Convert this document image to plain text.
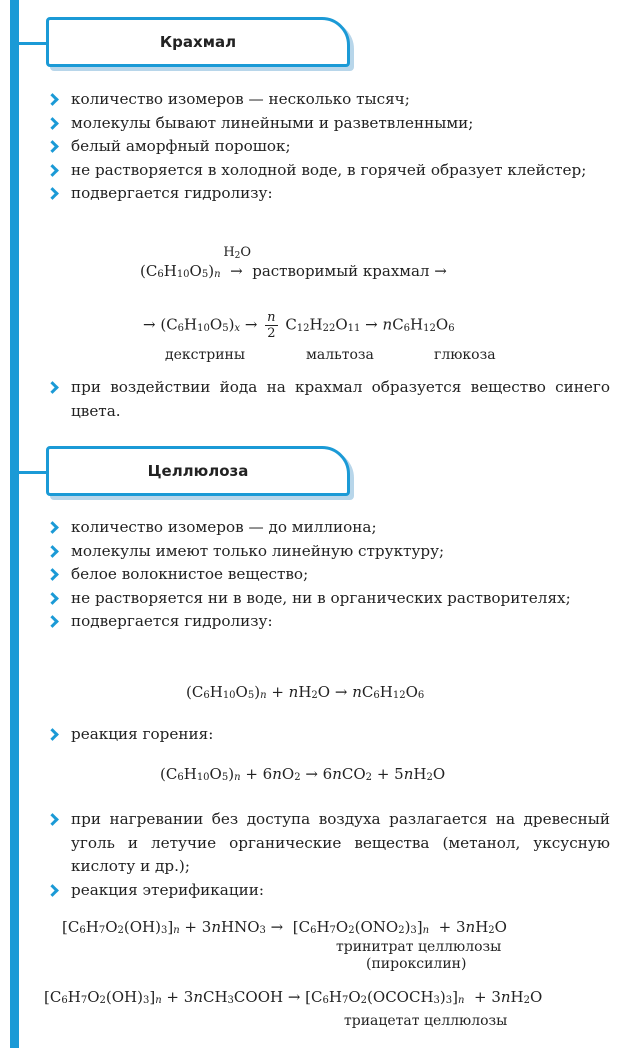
Крахмал
количество изомеров — несколько тысяч;
молекулы бывают линейными и разветвленными;
белый аморфный порошок;
не растворяется в холодной воде, в горячей образует клейстер;
подвергается гидролизу:
$(C_6H_{10}O_5)_n$
$H_2O$
→ растворимый крахмал →
→ $(C_6H_{10}O_5)_x \to \frac{n}{2} C_{12}H_{22}O_{11} \to nC_6H_{12}O_6$
декстрины	мальтоза	глюкоза
при воздействии йода на крахмал образуется вещество синего цвета.
Целлюлоза
количество изомеров — до миллиона;
молекулы имеют только линейную структуру;
белое волокнистое вещество;
не растворяется ни в воде, ни в органических растворителях;
подвергается гидролизу:
$(C_6H_{10}O_5)_n + nH_2O \to nC_6H_{12}O_6$
реакция горения:
$(C_6H_{10}O_5)_n + 6nO_2 \to 6nCO_2 + 5nH_2O$
при нагревании без доступа воздуха разлагается на древесный уголь и летучие органические вещества (метанол, уксусную кислоту и др.);
реакция этерификации:
$[C_6H_7O_2(OH)_3]_n$ + 3nHNO$_3$ →  $[C_6H_7O_2(ONO_2)_3]_n + 3nH_2O$
тринитрат целлюлозы
(пироксилин)
$[C_6H_7O_2(OH)_3]_n$ + 3nCH$_3$COOH → $[C_6H_7O_2(OCOCH_3)_3]_n + 3nH_2O$
триацетат целлюлозы
